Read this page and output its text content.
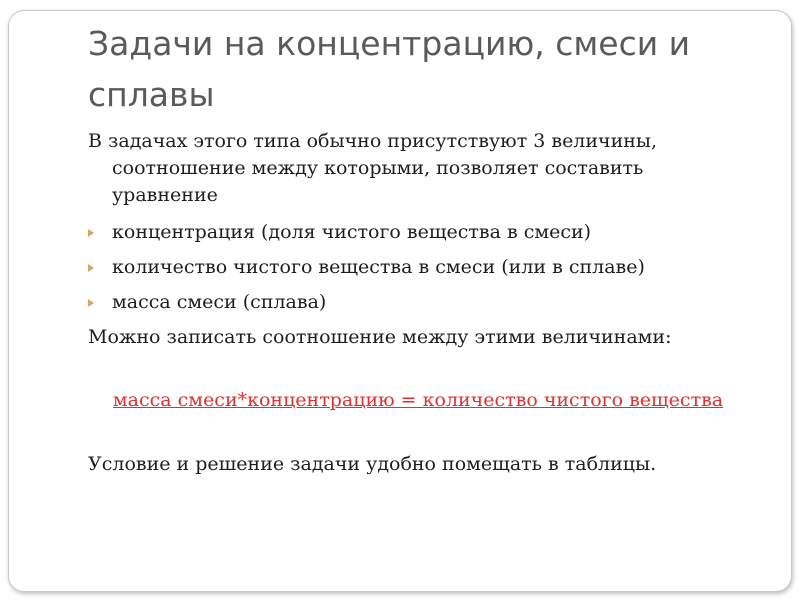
Задачи на концентрацию, смеси и сплавы

В задачах этого типа обычно присутствуют 3 величины, соотношение между которыми, позволяет составить уравнение

концентрация (доля чистого вещества в смеси)
количество чистого вещества в смеси (или в сплаве)
масса смеси (сплава)

Можно записать соотношение между этими величинами:

масса смеси*концентрацию = количество чистого вещества

Условие и решение задачи удобно помещать в таблицы.
